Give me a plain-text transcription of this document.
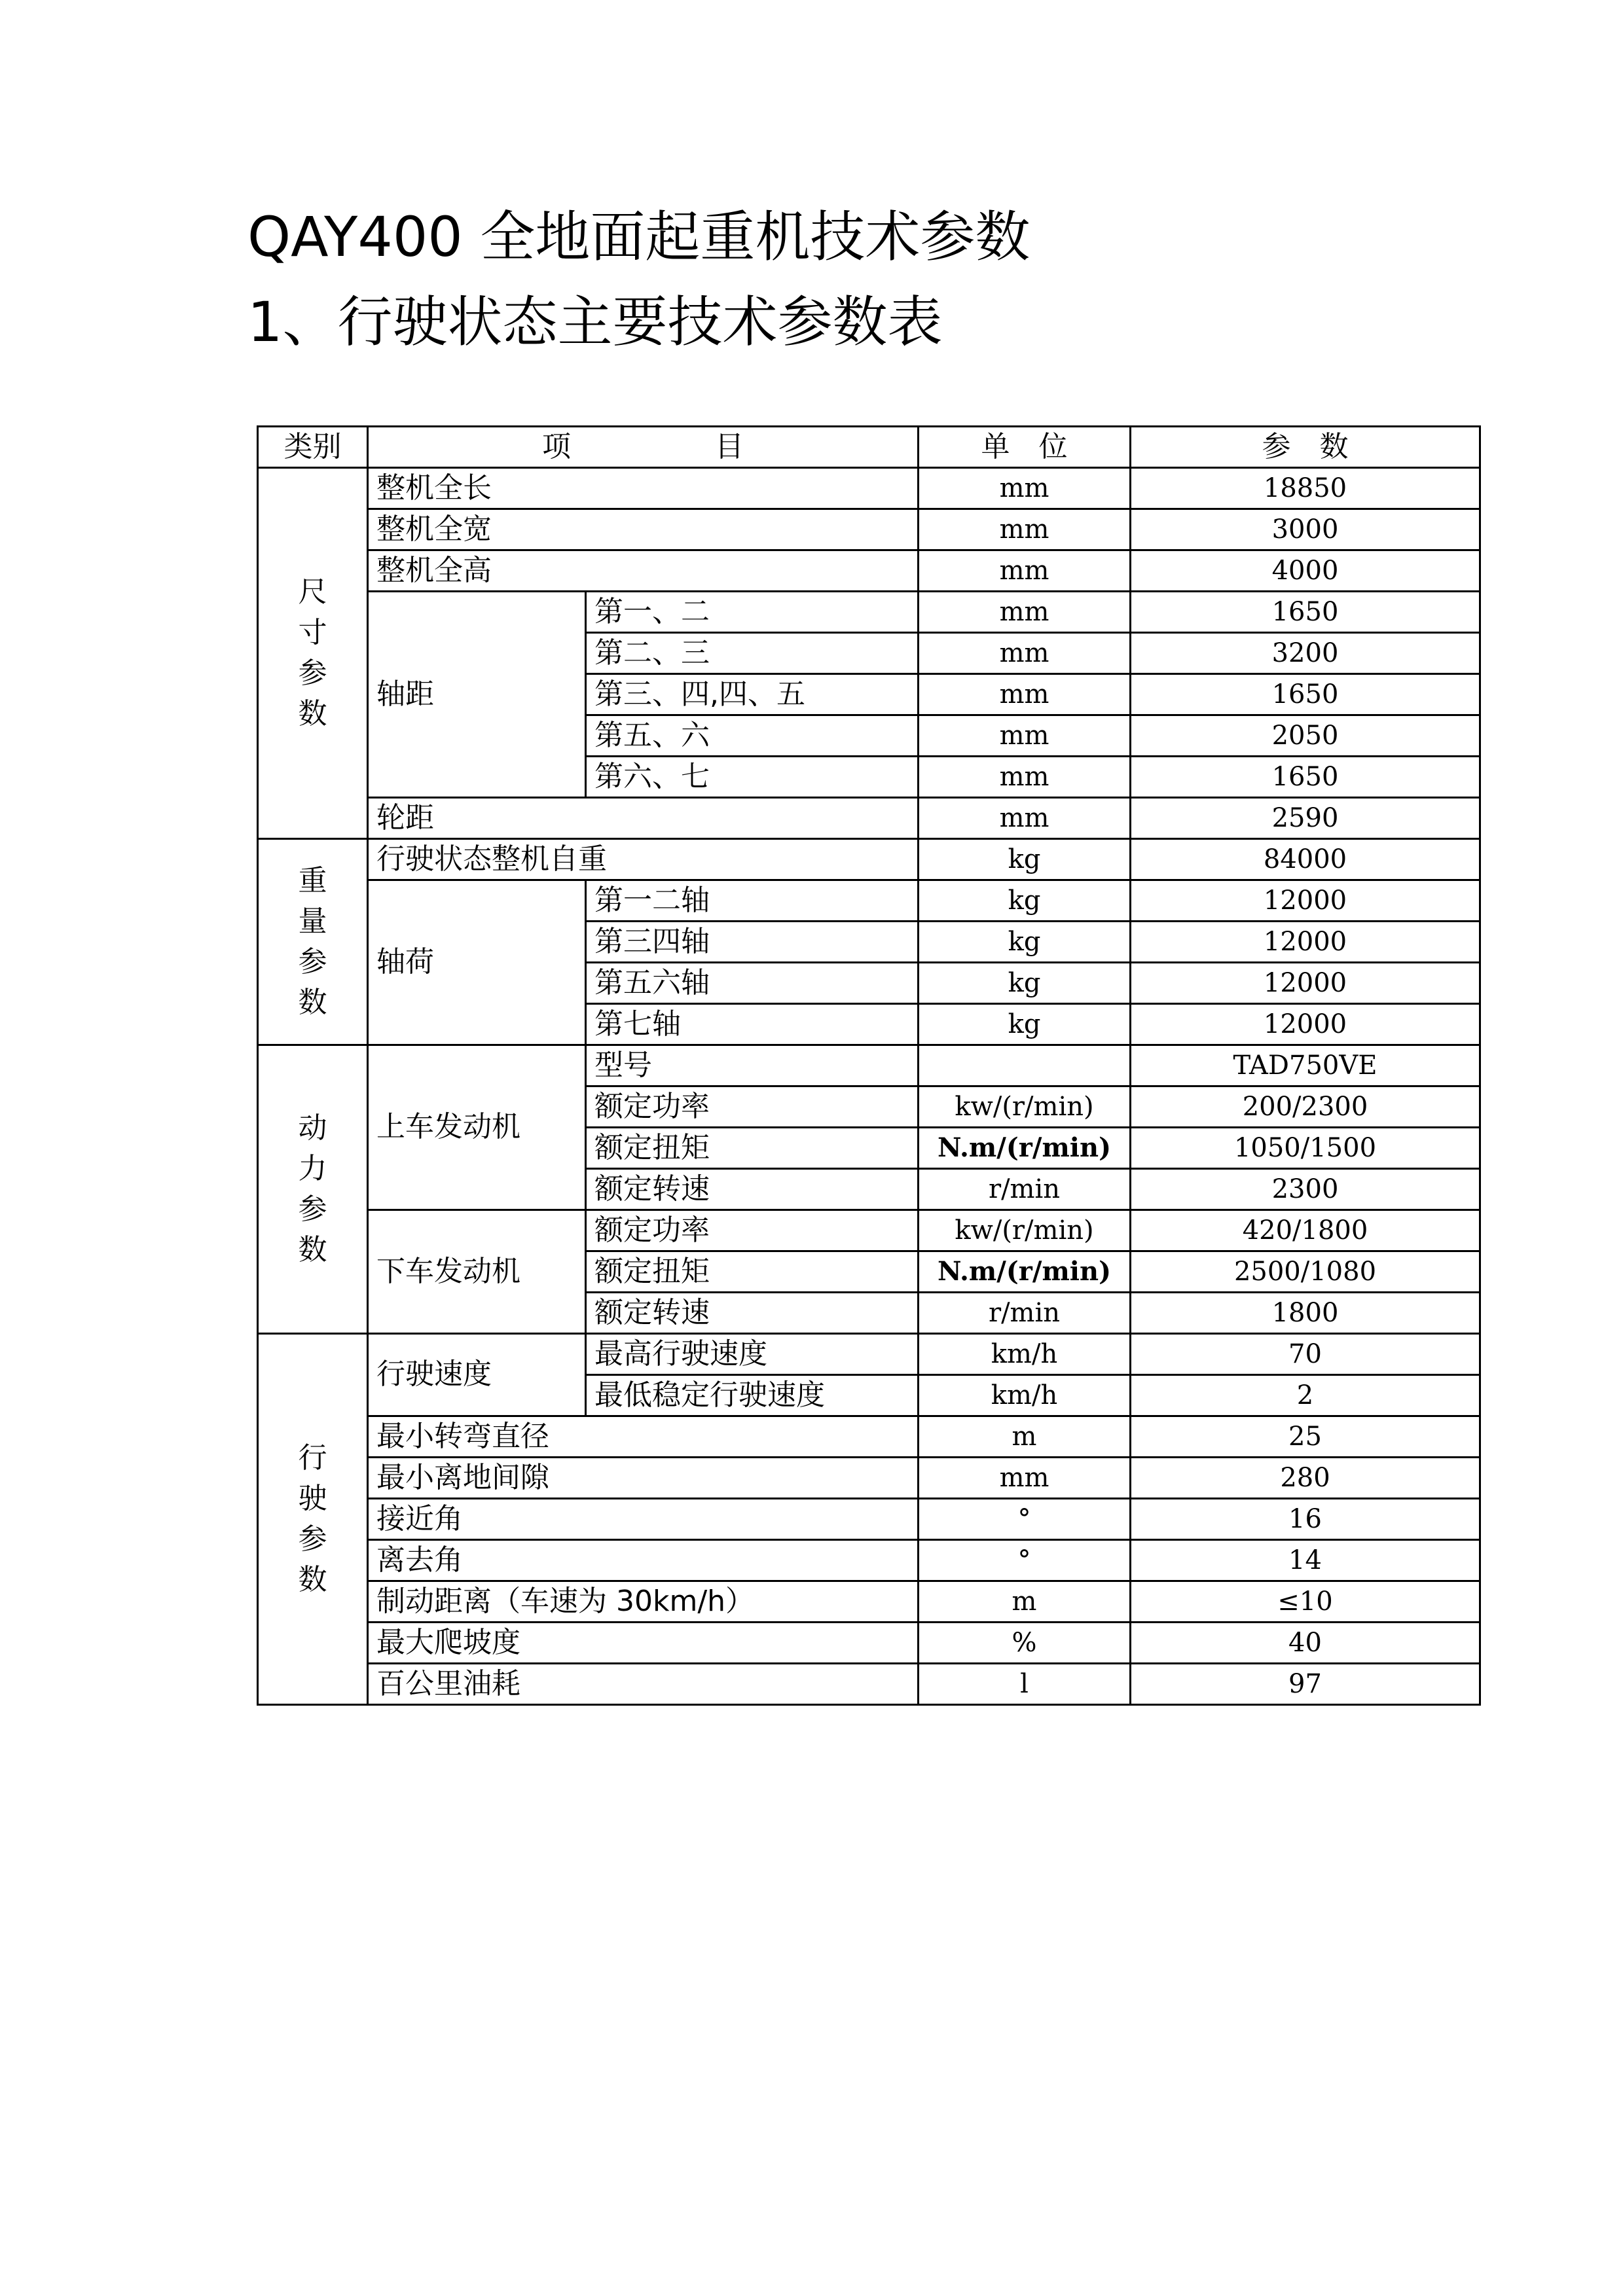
QAY400 全地面起重机技术参数
1、行驶状态主要技术参数表
类别	项　　　　　目		单　位	参　数
尺寸参数	整机全长		mm	18850
	整机全宽		mm	3000
	整机全高		mm	4000
	轴距	第一、二	mm	1650
		第二、三	mm	3200
		第三、四,四、五	mm	1650
		第五、六	mm	2050
		第六、七	mm	1650
	轮距		mm	2590
重量参数	行驶状态整机自重		kg	84000
	轴荷	第一二轴	kg	12000
		第三四轴	kg	12000
		第五六轴	kg	12000
		第七轴	kg	12000
动力参数	上车发动机	型号		TAD750VE
		额定功率	kw/(r/min)	200/2300
		额定扭矩	N.m/(r/min)	1050/1500
		额定转速	r/min	2300
	下车发动机	额定功率	kw/(r/min)	420/1800
		额定扭矩	N.m/(r/min)	2500/1080
		额定转速	r/min	1800
行驶参数	行驶速度	最高行驶速度	km/h	70
		最低稳定行驶速度	km/h	2
	最小转弯直径		m	25
	最小离地间隙		mm	280
	接近角		°	16
	离去角		°	14
	制动距离（车速为 30km/h）		m	≤10
	最大爬坡度		%	40
	百公里油耗		l	97
